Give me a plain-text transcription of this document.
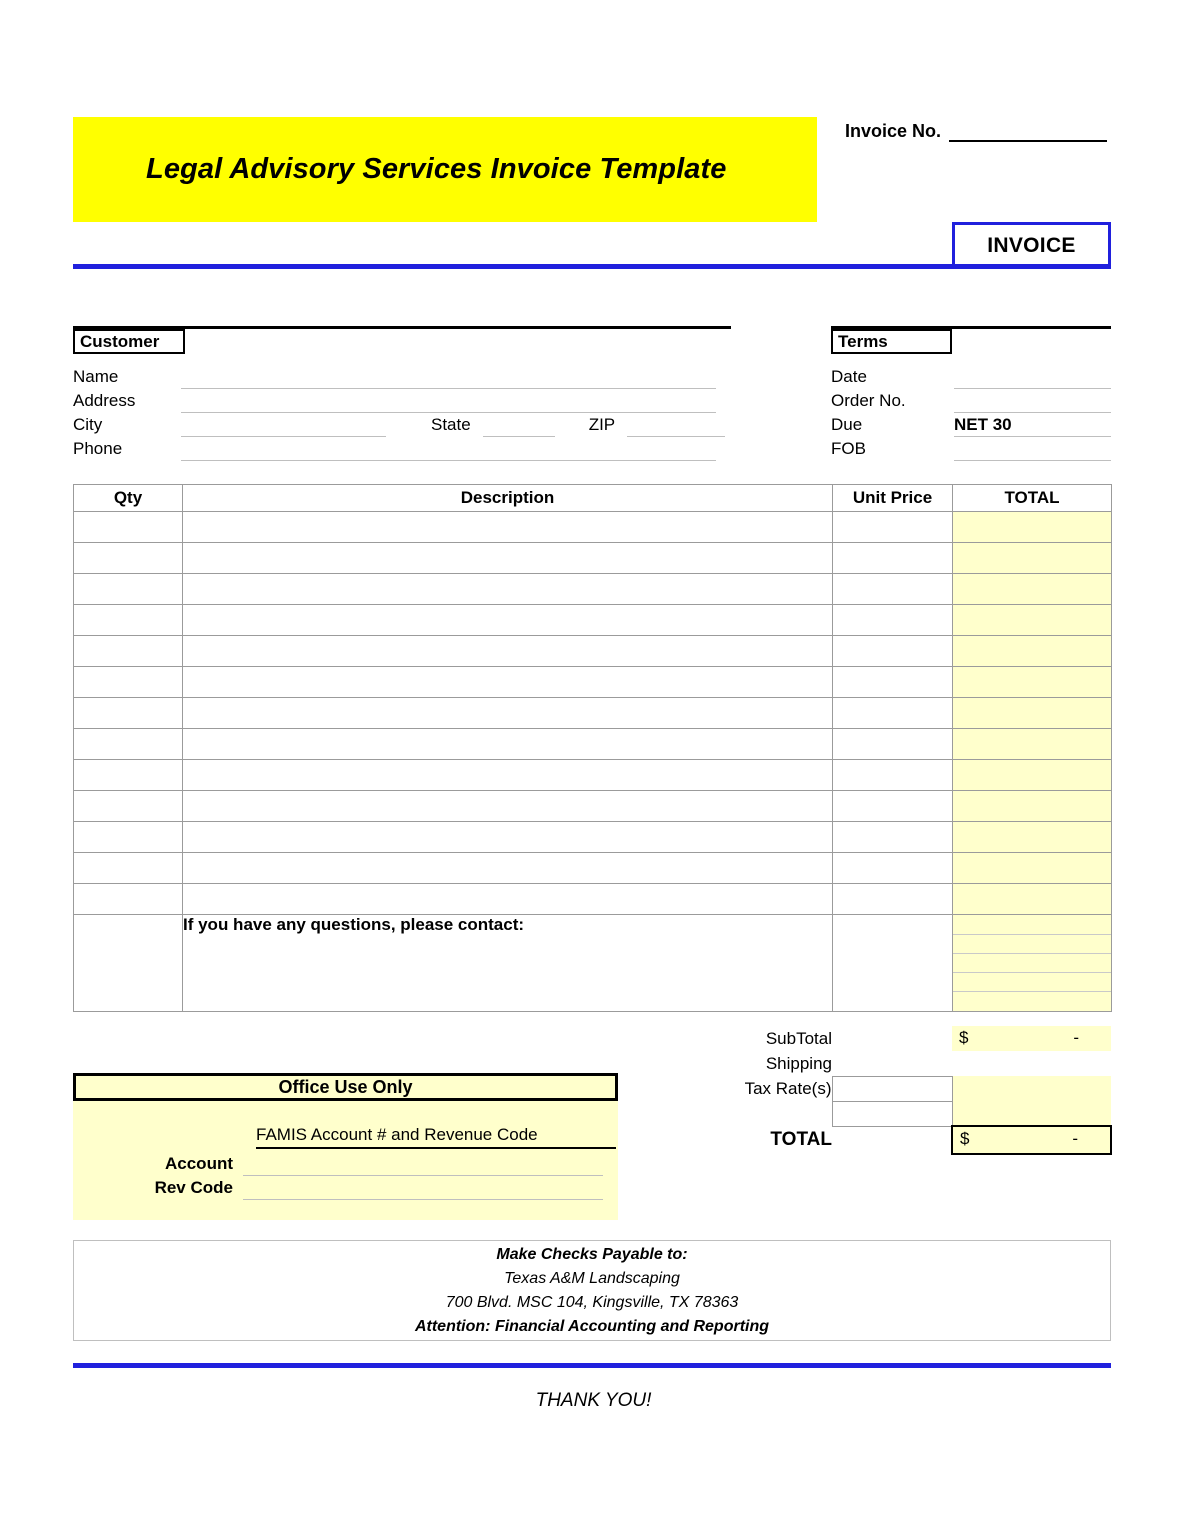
Legal Advisory Services Invoice Template
Invoice No.
INVOICE
Customer
Name
Address
City	State	ZIP
Phone
Terms
Date
Order No.
Due	NET 30
FOB
Qty	Description	Unit Price	TOTAL

	If you have any questions, please contact:		

SubTotal		$ -

Shipping		
Tax Rate(s)		

TOTAL		$ -
Office Use Only
FAMIS Account # and Revenue Code
Account
Rev Code
Make Checks Payable to:
Texas A&M Landscaping
700 Blvd. MSC 104, Kingsville, TX 78363
Attention: Financial Accounting and Reporting
THANK YOU!
